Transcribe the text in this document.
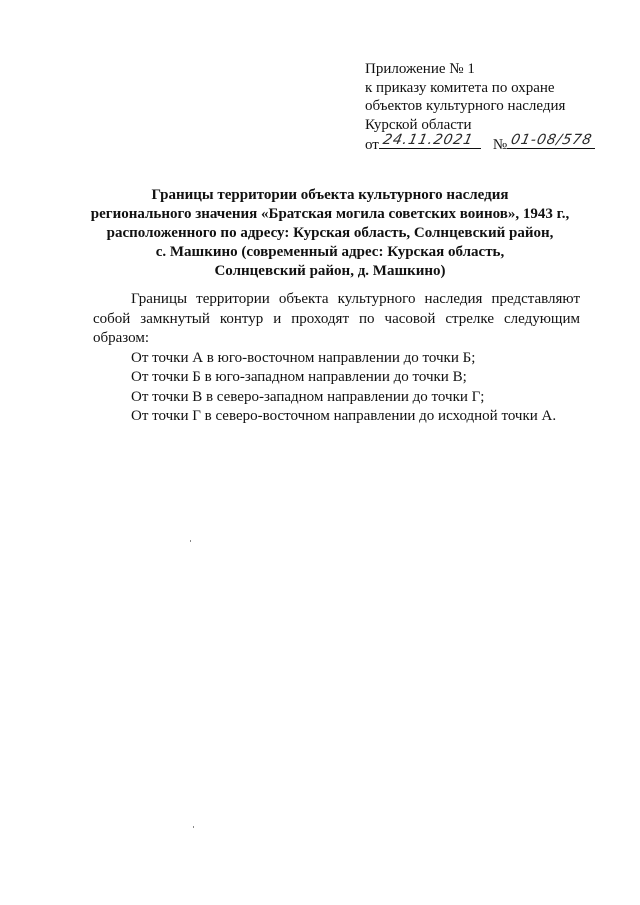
Приложение № 1
к приказу комитета по охране
объектов культурного наследия
Курской области
от 24.11.2021 № 01-08/578
Границы территории объекта культурного наследия
регионального значения «Братская могила советских воинов», 1943 г.,
расположенного по адресу: Курская область, Солнцевский район,
с. Машкино (современный адрес: Курская область,
Солнцевский район, д. Машкино)

Границы территории объекта культурного наследия представляют собой замкнутый контур и проходят по часовой стрелке следующим образом:

От точки А в юго-восточном направлении до точки Б;

От точки Б в юго-западном направлении до точки В;

От точки В в северо-западном направлении до точки Г;

От точки Г в северо-восточном направлении до исходной точки А.
